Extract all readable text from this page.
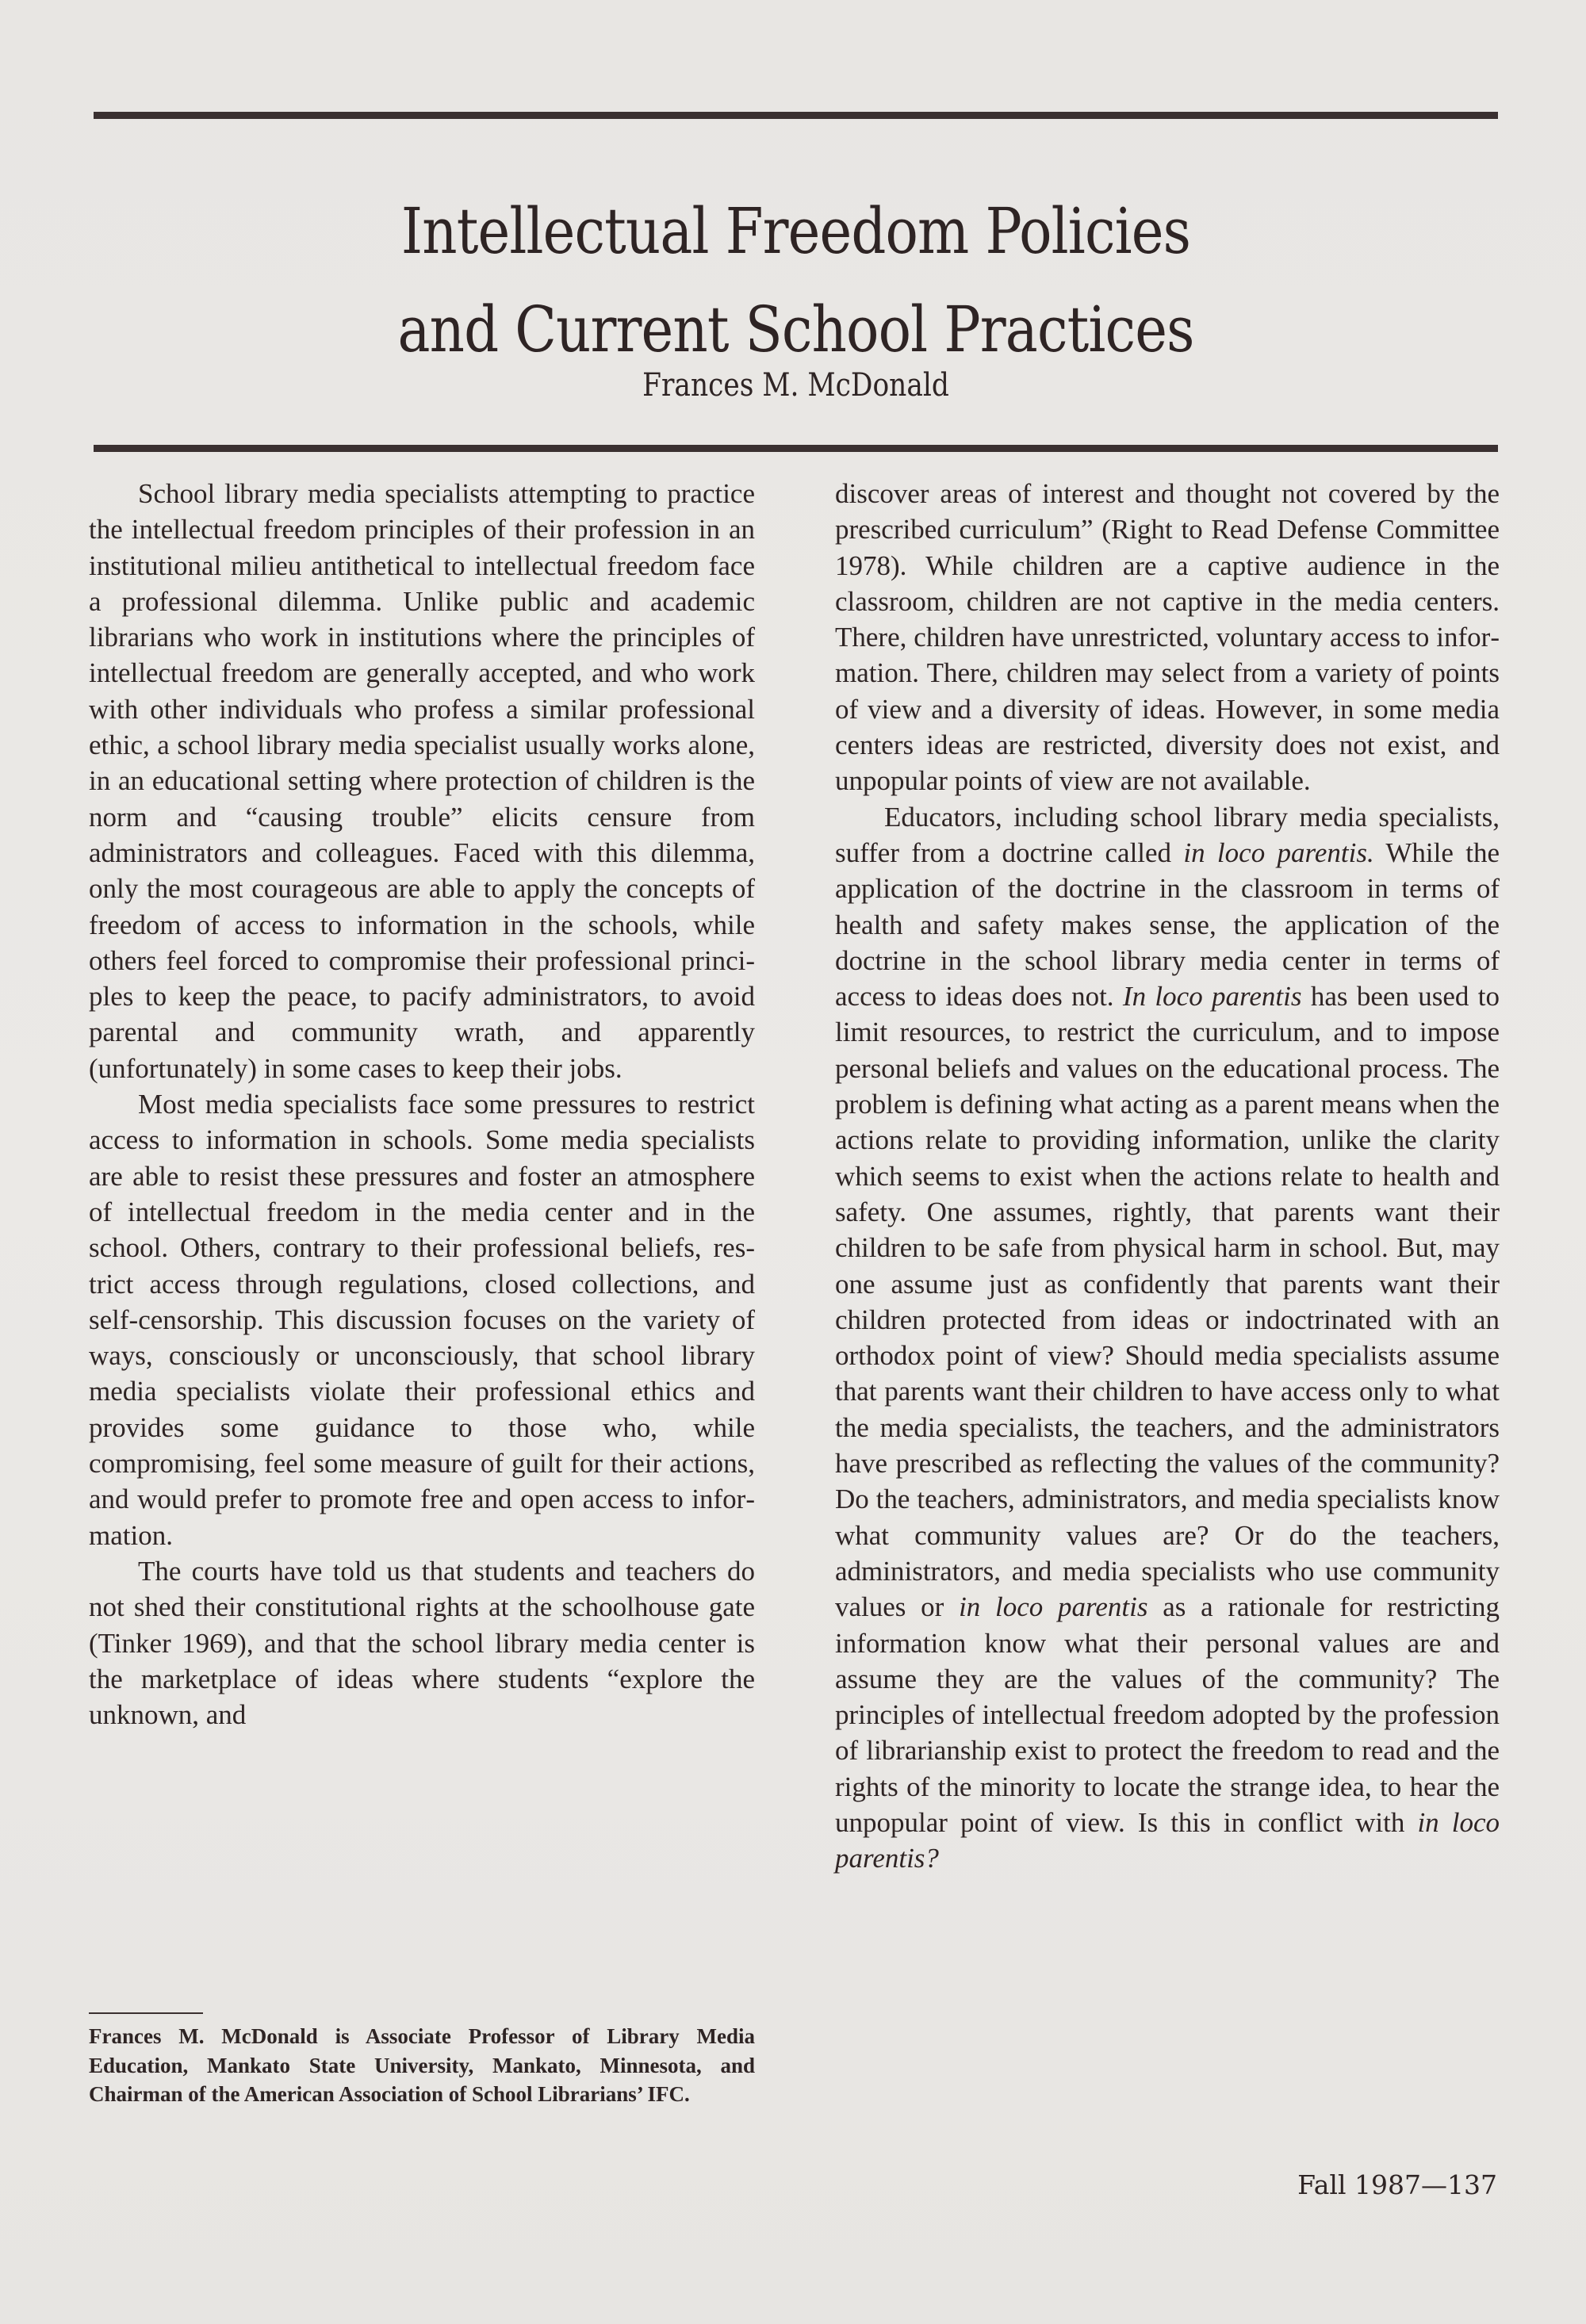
Intellectual Freedom Policies
and Current School Practices
Frances M. McDonald

School library media specialists attempting to practice the intellectual freedom principles of their profession in an institutional milieu antithetical to intellectual freedom face a professional dilemma. Unlike public and academic librarians who work in institutions where the principles of intellectual freedom are generally accepted, and who work with other individuals who profess a similar professional ethic, a school library media specialist usually works alone, in an educational setting where protection of children is the norm and “causing trouble” elicits censure from administrators and colleagues. Faced with this dilemma, only the most courageous are able to apply the concepts of freedom of access to information in the schools, while others feel forced to compromise their professional principles to keep the peace, to pacify administrators, to avoid parental and community wrath, and apparently (unfortunately) in some cases to keep their jobs.

Most media specialists face some pressures to restrict access to information in schools. Some media specialists are able to resist these pressures and foster an atmosphere of intellectual freedom in the media center and in the school. Others, contrary to their professional beliefs, restrict access through regulations, closed collections, and self-censorship. This discussion focuses on the variety of ways, consciously or unconsciously, that school library media specialists violate their professional ethics and provides some guidance to those who, while compromising, feel some measure of guilt for their actions, and would prefer to promote free and open access to information.

The courts have told us that students and teachers do not shed their constitutional rights at the schoolhouse gate (Tinker 1969), and that the school library media center is the marketplace of ideas where students “explore the unknown, and

discover areas of interest and thought not covered by the prescribed curriculum” (Right to Read Defense Committee 1978). While children are a captive audience in the classroom, children are not captive in the media centers. There, children have unrestricted, voluntary access to information. There, children may select from a variety of points of view and a diversity of ideas. However, in some media centers ideas are restricted, diversity does not exist, and unpopular points of view are not available.

Educators, including school library media specialists, suffer from a doctrine called in loco parentis. While the application of the doctrine in the classroom in terms of health and safety makes sense, the application of the doctrine in the school library media center in terms of access to ideas does not. In loco parentis has been used to limit resources, to restrict the curriculum, and to impose personal beliefs and values on the educational process. The problem is defining what acting as a parent means when the actions relate to providing information, unlike the clarity which seems to exist when the actions relate to health and safety. One assumes, rightly, that parents want their children to be safe from physical harm in school. But, may one assume just as confidently that parents want their children protected from ideas or indoctrinated with an orthodox point of view? Should media specialists assume that parents want their children to have access only to what the media specialists, the teachers, and the administrators have prescribed as reflecting the values of the community? Do the teachers, administrators, and media specialists know what community values are? Or do the teachers, administrators, and media specialists who use community values or in loco parentis as a rationale for restricting information know what their personal values are and assume they are the values of the community? The principles of intellectual freedom adopted by the profession of librarianship exist to protect the freedom to read and the rights of the minority to locate the strange idea, to hear the unpopular point of view. Is this in conflict with in loco parentis?

Frances M. McDonald is Associate Professor of Library Media Education, Mankato State University, Mankato, Minnesota, and Chairman of the American Association of School Librarians’ IFC.
Fall 1987—137
